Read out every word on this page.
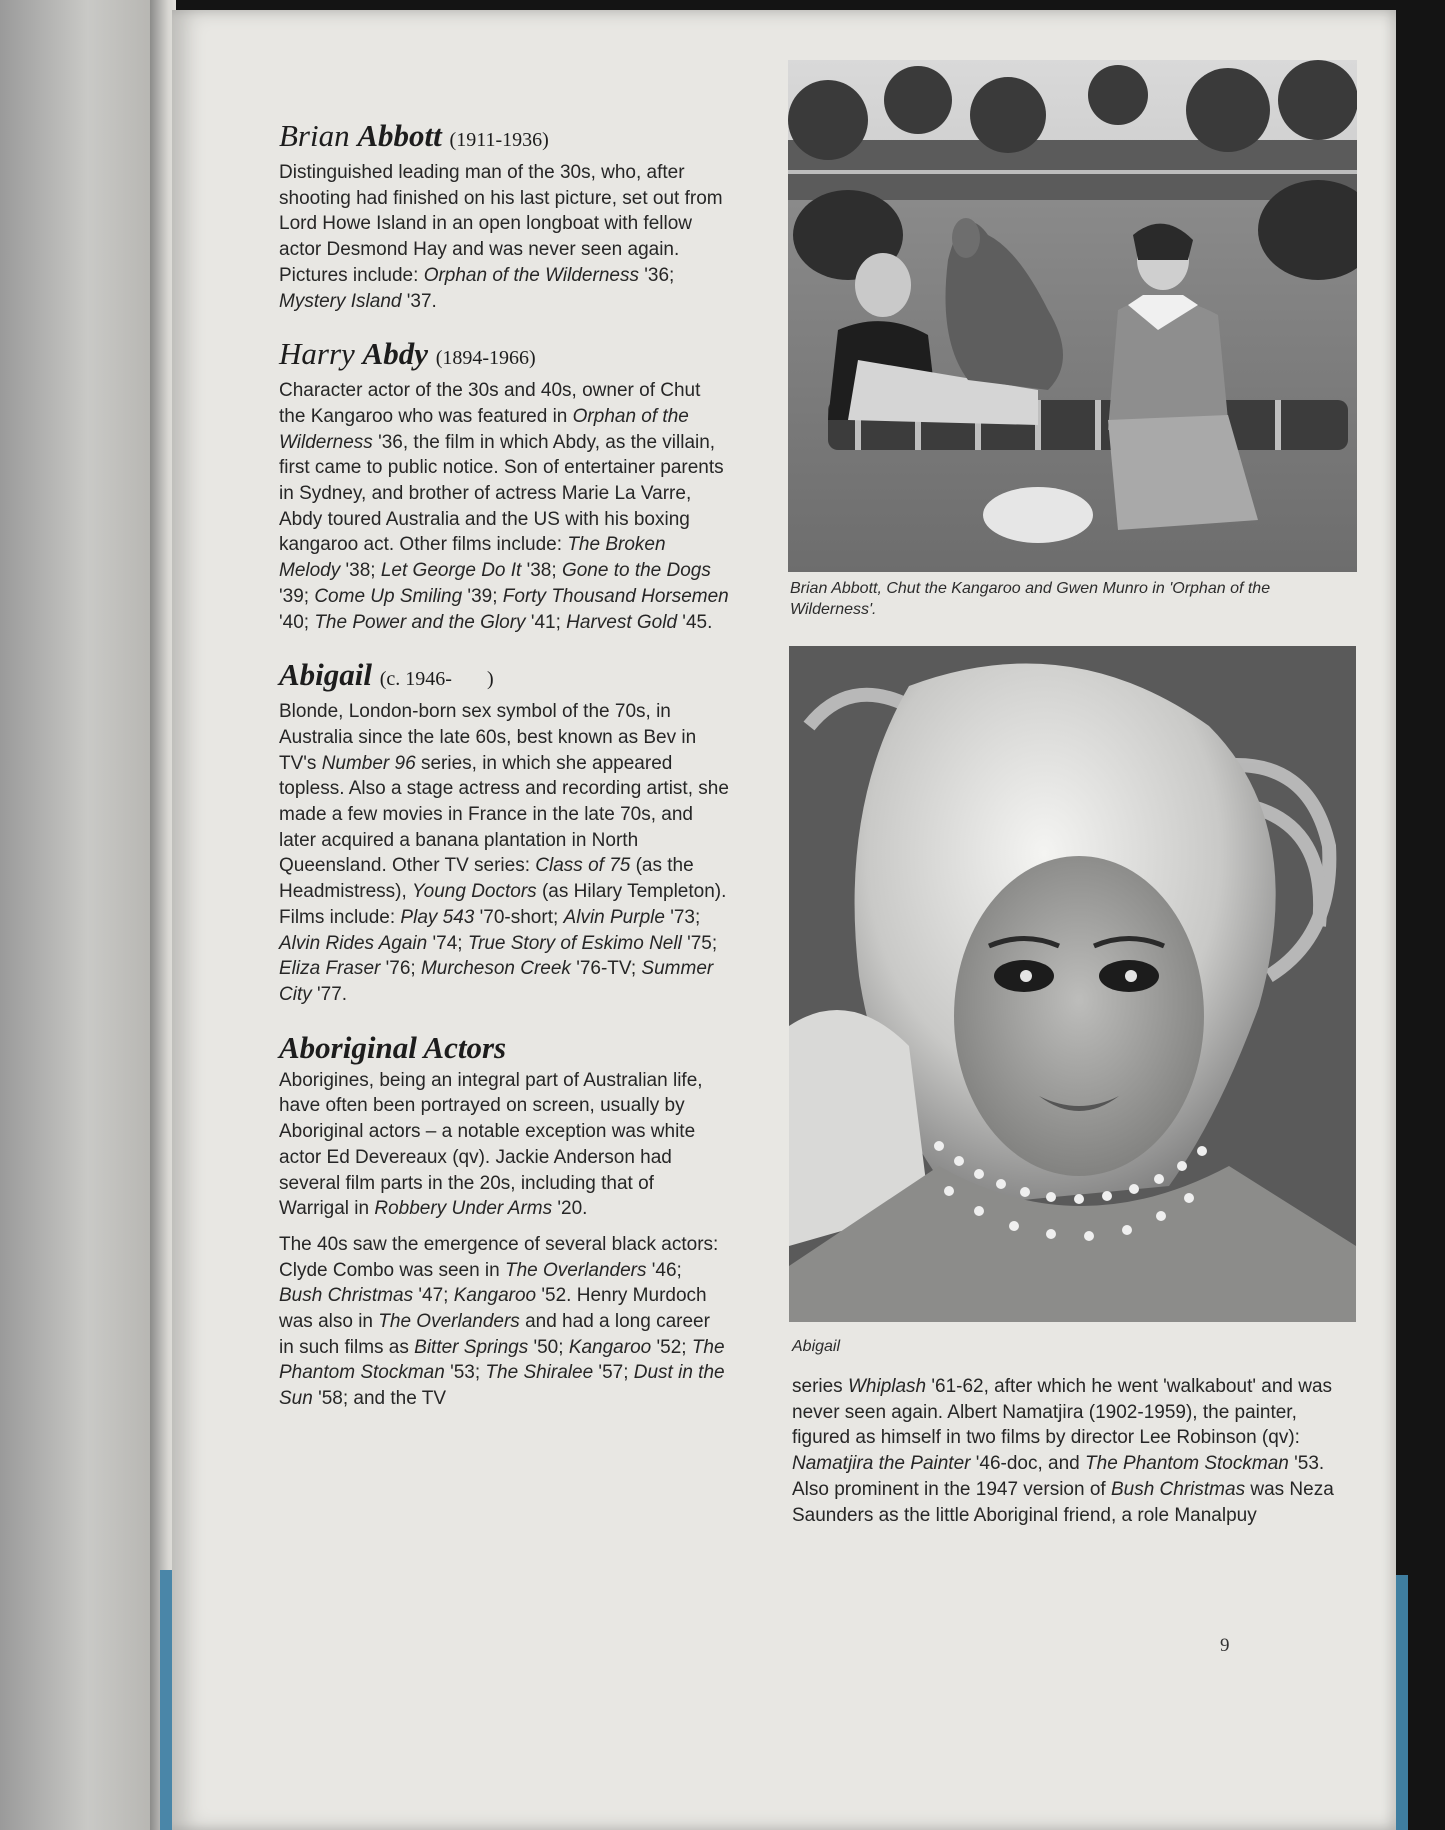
Brian Abbott (1911-1936)

Distinguished leading man of the 30s, who, after shooting had finished on his last picture, set out from Lord Howe Island in an open longboat with fellow actor Desmond Hay and was never seen again. Pictures include: Orphan of the Wilderness '36; Mystery Island '37.

Harry Abdy (1894-1966)

Character actor of the 30s and 40s, owner of Chut the Kangaroo who was featured in Orphan of the Wilderness '36, the film in which Abdy, as the villain, first came to public notice. Son of entertainer parents in Sydney, and brother of actress Marie La Varre, Abdy toured Australia and the US with his boxing kangaroo act. Other films include: The Broken Melody '38; Let George Do It '38; Gone to the Dogs '39; Come Up Smiling '39; Forty Thousand Horsemen '40; The Power and the Glory '41; Harvest Gold '45.

Abigail (c. 1946-       )

Blonde, London-born sex symbol of the 70s, in Australia since the late 60s, best known as Bev in TV's Number 96 series, in which she appeared topless. Also a stage actress and recording artist, she made a few movies in France in the late 70s, and later acquired a banana plantation in North Queensland. Other TV series: Class of 75 (as the Headmistress), Young Doctors (as Hilary Templeton). Films include: Play 543 '70-short; Alvin Purple '73; Alvin Rides Again '74; True Story of Eskimo Nell '75; Eliza Fraser '76; Murcheson Creek '76-TV; Summer City '77.

Aboriginal Actors

Aborigines, being an integral part of Australian life, have often been portrayed on screen, usually by Aboriginal actors – a notable exception was white actor Ed Devereaux (qv). Jackie Anderson had several film parts in the 20s, including that of Warrigal in Robbery Under Arms '20.

The 40s saw the emergence of several black actors: Clyde Combo was seen in The Overlanders '46; Bush Christmas '47; Kangaroo '52. Henry Murdoch was also in The Overlanders and had a long career in such films as Bitter Springs '50; Kangaroo '52; The Phantom Stockman '53; The Shiralee '57; Dust in the Sun '58; and the TV

Brian Abbott, Chut the Kangaroo and Gwen Munro in 'Orphan of the Wilderness'.
Abigail

series Whiplash '61-62, after which he went 'walkabout' and was never seen again. Albert Namatjira (1902-1959), the painter, figured as himself in two films by director Lee Robinson (qv): Namatjira the Painter '46-doc, and The Phantom Stockman '53. Also prominent in the 1947 version of Bush Christmas was Neza Saunders as the little Aboriginal friend, a role Manalpuy

9
